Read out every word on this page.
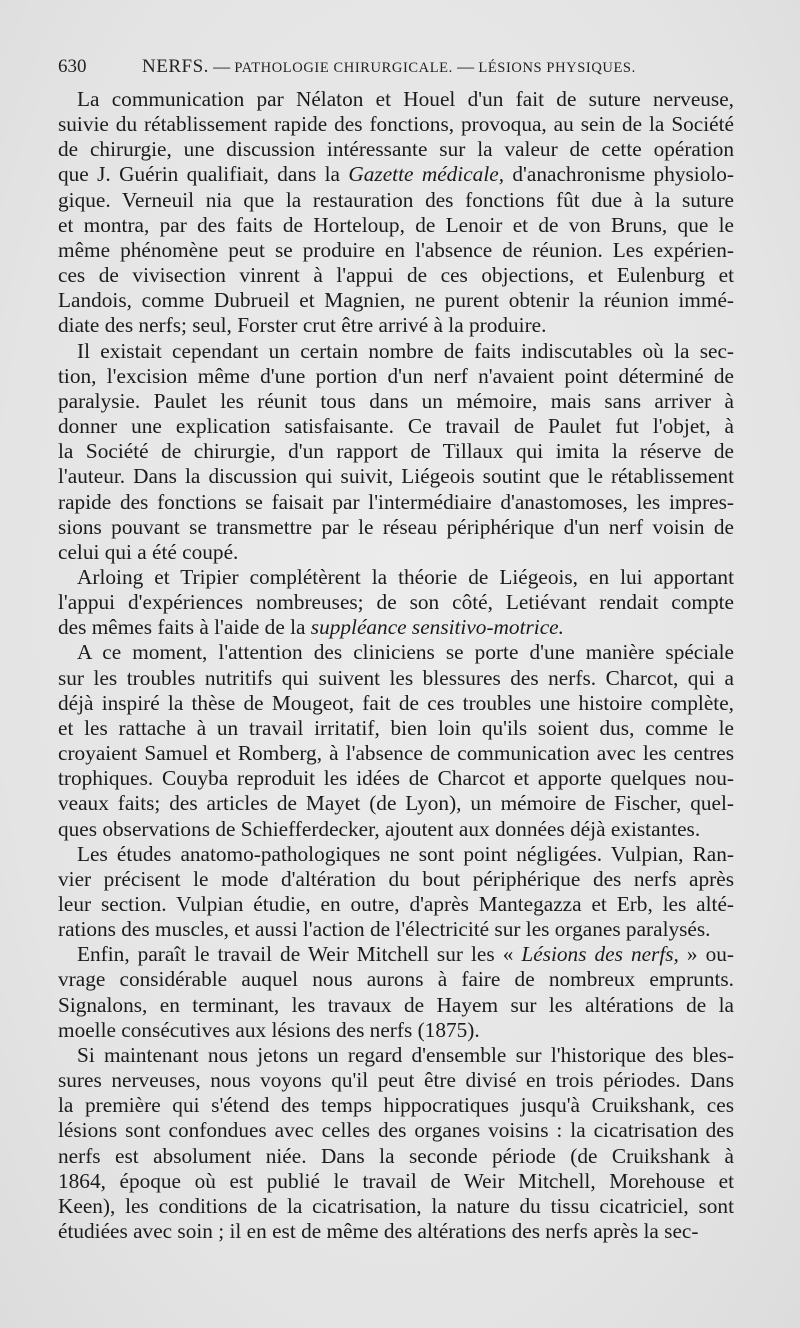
630	NERFS. — PATHOLOGIE CHIRURGICALE. — LÉSIONS PHYSIQUES.
La communication par Nélaton et Houel d'un fait de suture nerveuse,
suivie du rétablissement rapide des fonctions, provoqua, au sein de la Société
de chirurgie, une discussion intéressante sur la valeur de cette opération
que J. Guérin qualifiait, dans la Gazette médicale, d'anachronisme physiolo-
gique. Verneuil nia que la restauration des fonctions fût due à la suture
et montra, par des faits de Horteloup, de Lenoir et de von Bruns, que le
même phénomène peut se produire en l'absence de réunion. Les expérien-
ces de vivisection vinrent à l'appui de ces objections, et Eulenburg et
Landois, comme Dubrueil et Magnien, ne purent obtenir la réunion immé-
diate des nerfs; seul, Forster crut être arrivé à la produire.
Il existait cependant un certain nombre de faits indiscutables où la sec-
tion, l'excision même d'une portion d'un nerf n'avaient point déterminé de
paralysie. Paulet les réunit tous dans un mémoire, mais sans arriver à
donner une explication satisfaisante. Ce travail de Paulet fut l'objet, à
la Société de chirurgie, d'un rapport de Tillaux qui imita la réserve de
l'auteur. Dans la discussion qui suivit, Liégeois soutint que le rétablissement
rapide des fonctions se faisait par l'intermédiaire d'anastomoses, les impres-
sions pouvant se transmettre par le réseau périphérique d'un nerf voisin de
celui qui a été coupé.
Arloing et Tripier complétèrent la théorie de Liégeois, en lui apportant
l'appui d'expériences nombreuses; de son côté, Letiévant rendait compte
des mêmes faits à l'aide de la suppléance sensitivo-motrice.
A ce moment, l'attention des cliniciens se porte d'une manière spéciale
sur les troubles nutritifs qui suivent les blessures des nerfs. Charcot, qui a
déjà inspiré la thèse de Mougeot, fait de ces troubles une histoire complète,
et les rattache à un travail irritatif, bien loin qu'ils soient dus, comme le
croyaient Samuel et Romberg, à l'absence de communication avec les centres
trophiques. Couyba reproduit les idées de Charcot et apporte quelques nou-
veaux faits; des articles de Mayet (de Lyon), un mémoire de Fischer, quel-
ques observations de Schiefferdecker, ajoutent aux données déjà existantes.
Les études anatomo-pathologiques ne sont point négligées. Vulpian, Ran-
vier précisent le mode d'altération du bout périphérique des nerfs après
leur section. Vulpian étudie, en outre, d'après Mantegazza et Erb, les alté-
rations des muscles, et aussi l'action de l'électricité sur les organes paralysés.
Enfin, paraît le travail de Weir Mitchell sur les « Lésions des nerfs, » ou-
vrage considérable auquel nous aurons à faire de nombreux emprunts.
Signalons, en terminant, les travaux de Hayem sur les altérations de la
moelle consécutives aux lésions des nerfs (1875).
Si maintenant nous jetons un regard d'ensemble sur l'historique des bles-
sures nerveuses, nous voyons qu'il peut être divisé en trois périodes. Dans
la première qui s'étend des temps hippocratiques jusqu'à Cruikshank, ces
lésions sont confondues avec celles des organes voisins : la cicatrisation des
nerfs est absolument niée. Dans la seconde période (de Cruikshank à
1864, époque où est publié le travail de Weir Mitchell, Morehouse et
Keen), les conditions de la cicatrisation, la nature du tissu cicatriciel, sont
étudiées avec soin ; il en est de même des altérations des nerfs après la sec-
